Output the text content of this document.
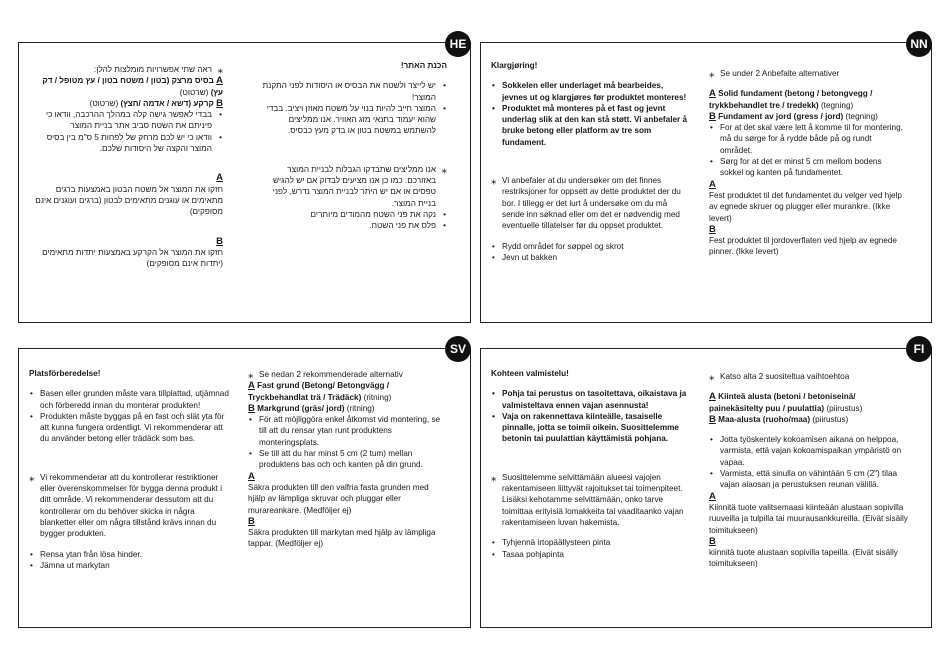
HE

הכנת האתר!

• יש לייצר ולשטח את הבסיס או היסודות לפני התקנת המוצר!

• המוצר חייב להיות בנוי על משטח מאוזן ויציב. בבדי שהוא יעמוד בתנאי מזג האוויר. אנו ממליצים להשתמש במשטח בטון או בדק מעץ כבסיס.

⁎ אנו ממליצים שתבדקו הגבלות לבניית המוצר באזורכם. כמו כן אנו מציעים לבדוק אם יש להגיש טפסים או אם יש היתר לבניית המוצר נדרש, לפני בניית המוצר.

• נקה את פני השטח מהמודים מיותרים

• פלס את פני השטח.

⁎ ראה שתי אפשרויות מומלצות להלן:

A בסיס מרצק (בטון / משטח בטון / עץ מטופל / דק עץ) (שרטוט)

B קרקע (דשא / אדמה /חצץ) (שרטוט)

• בבדי לאפשר גישה קלה במהלך ההרכבה, וודאו כי פיניתם את השטח סביב אתר בניית המוצר

• וודאו כי יש לכם מרחק של לפחות 5 ס"מ בין בסיס המוצר והקצה של היסודות שלכם.

A

חזקו את המוצר אל משטח הבטון באמצעות ברגים מתאימים או עוגנים מתאימים לבטון (ברגים ועוגנים אינם מסופקים)

B

חזקו את המוצר אל הקרקע באמצעות יתדות מתאימים (יתדות אינם מסופקים)

NN

Klargjøring!

• Sokkelen eller underlaget må bearbeides, jevnes ut og klargjøres før produktet monteres!

• Produktet må monteres på et fast og jevnt underlag slik at den kan stå støtt. Vi anbefaler å bruke betong eller platform av tre som fundament.

⁎ Vi anbefaler at du undersøker om det finnes restriksjoner for oppsett av dette produktet der du bor. I tillegg er det lurt å undersøke om du må sende inn søknad eller om det er nødvendig med eventuelle tillatelser før du oppset produktet.

• Rydd området for søppel og skrot

• Jevn ut bakken

⁎ Se under 2 Anbefalte alternativer

A Solid fundament (betong / betongvegg / trykkbehandlet tre / tredekk) (tegning)

B Fundament av jord (gress / jord) (tegning)

• For at det skal være lett å komme til for montering, må du sørge for å rydde både på og rundt området.

• Sørg for at det er minst 5 cm mellom bodens sokkel og kanten på fundamentet.

A

Fest produktet til det fundamentet du velger ved hjelp av egnede skruer og plugger eller murankre. (Ikke levert)

B

Fest produktet til jordoverflaten ved hjelp av egnede pinner. (Ikke levert)

SV

Platsförberedelse!

• Basen eller grunden måste vara tillplattad, utjämnad och förberedd innan du monterar produkten!

• Produkten måste byggas på en fast och slät yta för att kunna fungera ordentligt. Vi rekommenderar att du använder betong eller trädäck som bas.

⁎ Vi rekommenderar att du kontrollerar restriktioner eller överenskommelser för bygga denna produkt i ditt område. Vi rekommenderar dessutom att du kontrollerar om du behöver skicka in några blanketter eller om några tillstånd krävs innan du bygger produkten.

• Rensa ytan från lösa hinder.

• Jämna ut markytan

⁎ Se nedan 2 rekommenderade alternativ

A Fast grund (Betong/ Betongvägg / Tryckbehandlat trä / Trädäck) (ritning)

B Markgrund (gräs/ jord) (ritning)

• För att möjliggöra enkel åtkomst vid montering, se till att du rensar ytan runt produktens monteringsplats.

• Se till att du har minst 5 cm (2 tum) mellan produktens bas och och kanten på din grund.

A

Säkra produkten till den valfria fasta grunden med hjälp av lämpliga skruvar och pluggar eller murareankare. (Medföljer ej)

B

Säkra produkten till markytan med hjälp av lämpliga tappar. (Medföljer ej)

FI

Kohteen valmistelu!

• Pohja tai perustus on tasoitettava, oikaistava ja valmisteltava ennen vajan asennusta!

• Vaja on rakennettava kiinteälle, tasaiselle pinnalle, jotta se toimii oikein. Suosittelemme betonin tai puulattian käyttämistä pohjana.

⁎ Suosittelemme selvittämään alueesi vajojen rakentamiseen liittyvät rajoitukset tai toimenpiteet. Lisäksi kehotamme selvittämään, onko tarve toimittaa erityisiä lomakkeita tai vaaditaanko vajan rakentamiseen luvan hakemista.

• Tyhjennä irtopäällysteen pinta

• Tasaa pohjapinta

⁎ Katso alta 2 suositeltua vaihtoehtoa

A Kiinteä alusta (betoni / betoniseinä/ painekäsitelty puu / puulattia) (piirustus)

B Maa-alusta (ruoho/maa) (piirustus)

• Jotta työskentely kokoamisen aikana on helppoa, varmista, että vajan kokoamispaikan ympäristö on vapaa.

• Varmista, että sinulla on vähintään 5 cm (2") tilaa vajan alaosan ja perustuksen reunan välillä.

A

Kiinnitä tuote valitsemaasi kiinteään alustaan sopivilla ruuveilla ja tulpilla tai muurausankkureilla. (Eivät sisälly toimitukseen)

B

kiinnitä tuote alustaan sopivilla tapeilla. (Eivät sisälly toimitukseen)
